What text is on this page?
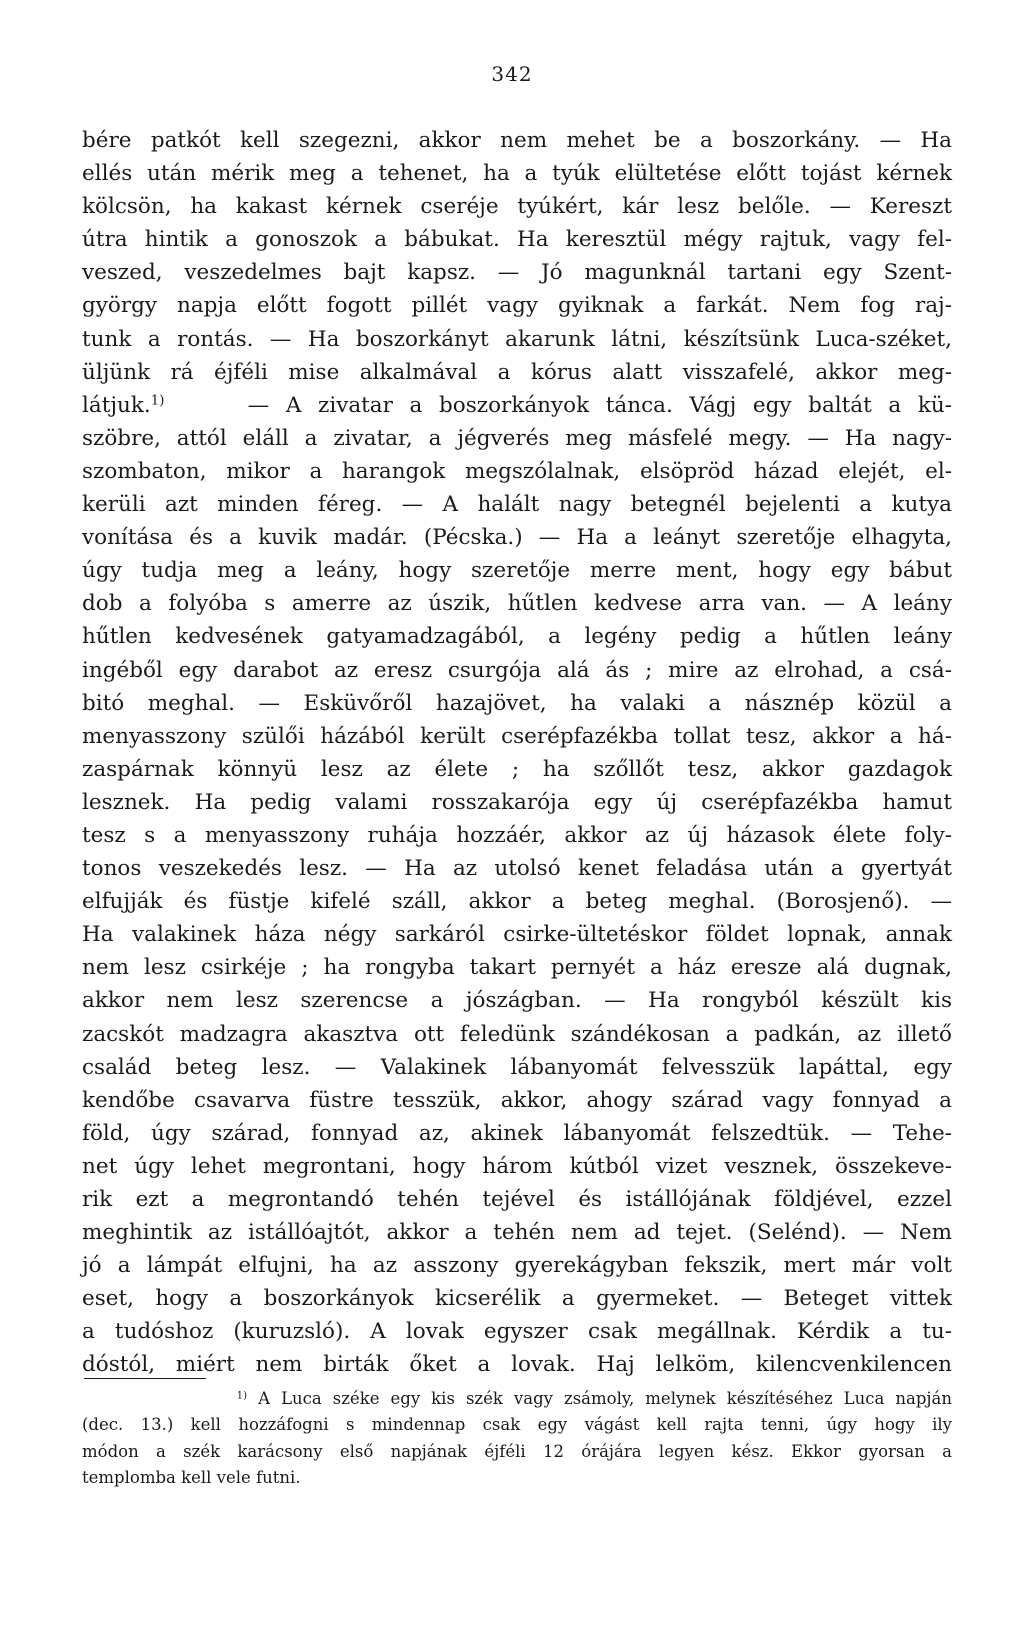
342
bére patkót kell szegezni, akkor nem mehet be a boszorkány. — Ha
ellés után mérik meg a tehenet, ha a tyúk elültetése előtt tojást kérnek
kölcsön, ha kakast kérnek cseréje tyúkért, kár lesz belőle. — Kereszt
útra hintik a gonoszok a bábukat. Ha keresztül mégy rajtuk, vagy fel-
veszed, veszedelmes bajt kapsz. — Jó magunknál tartani egy Szent-
györgy napja előtt fogott pillét vagy gyiknak a farkát. Nem fog raj-
tunk a rontás. — Ha boszorkányt akarunk látni, készítsünk Luca-széket,
üljünk rá éjféli mise alkalmával a kórus alatt visszafelé, akkor meg-
látjuk.$^{1)}$	— A zivatar a boszorkányok tánca. Vágj egy baltát a kü-
szöbre, attól eláll a zivatar, a jégverés meg másfelé megy. — Ha nagy-
szombaton, mikor a harangok megszólalnak, elsöpröd házad elejét, el-
kerüli azt minden féreg. — A halált nagy betegnél bejelenti a kutya
vonítása és a kuvik madár. (Pécska.) — Ha a leányt szeretője elhagyta,
úgy tudja meg a leány, hogy szeretője merre ment, hogy egy bábut
dob a folyóba s amerre az úszik, hűtlen kedvese arra van. — A leány
hűtlen kedvesének gatyamadzagából, a legény pedig a hűtlen leány
ingéből egy darabot az eresz csurgója alá ás ; mire az elrohad, a csá-
bitó meghal. — Esküvőről hazajövet, ha valaki a násznép közül a
menyasszony szülői házából került cserépfazékba tollat tesz, akkor a há-
zaspárnak könnyü lesz az élete ; ha szőllőt tesz, akkor gazdagok
lesznek. Ha pedig valami rosszakarója egy új cserépfazékba hamut
tesz s a menyasszony ruhája hozzáér, akkor az új házasok élete foly-
tonos veszekedés lesz. — Ha az utolsó kenet feladása után a gyertyát
elfujják és füstje kifelé száll, akkor a beteg meghal. (Borosjenő). —
Ha valakinek háza négy sarkáról csirke-ültetéskor földet lopnak, annak
nem lesz csirkéje ; ha rongyba takart pernyét a ház eresze alá dugnak,
akkor nem lesz szerencse a jószágban. — Ha rongyból készült kis
zacskót madzagra akasztva ott feledünk szándékosan a padkán, az illető
család beteg lesz. — Valakinek lábanyomát felvesszük lapáttal, egy
kendőbe csavarva füstre tesszük, akkor, ahogy szárad vagy fonnyad a
föld, úgy szárad, fonnyad az, akinek lábanyomát felszedtük. — Tehe-
net úgy lehet megrontani, hogy három kútból vizet vesznek, összekeve-
rik ezt a megrontandó tehén tejével és istállójának földjével, ezzel
meghintik az istállóajtót, akkor a tehén nem ad tejet. (Selénd). — Nem
jó a lámpát elfujni, ha az asszony gyerekágyban fekszik, mert már volt
eset, hogy a boszorkányok kicserélik a gyermeket. — Beteget vittek
a tudóshoz (kuruzsló). A lovak egyszer csak megállnak. Kérdik a tu-
dóstól, miért nem birták őket a lovak. Haj lelköm, kilencvenkilencen
$^{1)}$ A Luca széke egy kis szék vagy zsámoly, melynek készítéséhez Luca napján
(dec. 13.) kell hozzáfogni s mindennap csak egy vágást kell rajta tenni, úgy hogy ily
módon a szék karácsony első napjának éjféli 12 órájára legyen kész. Ekkor gyorsan a
templomba kell vele futni.
